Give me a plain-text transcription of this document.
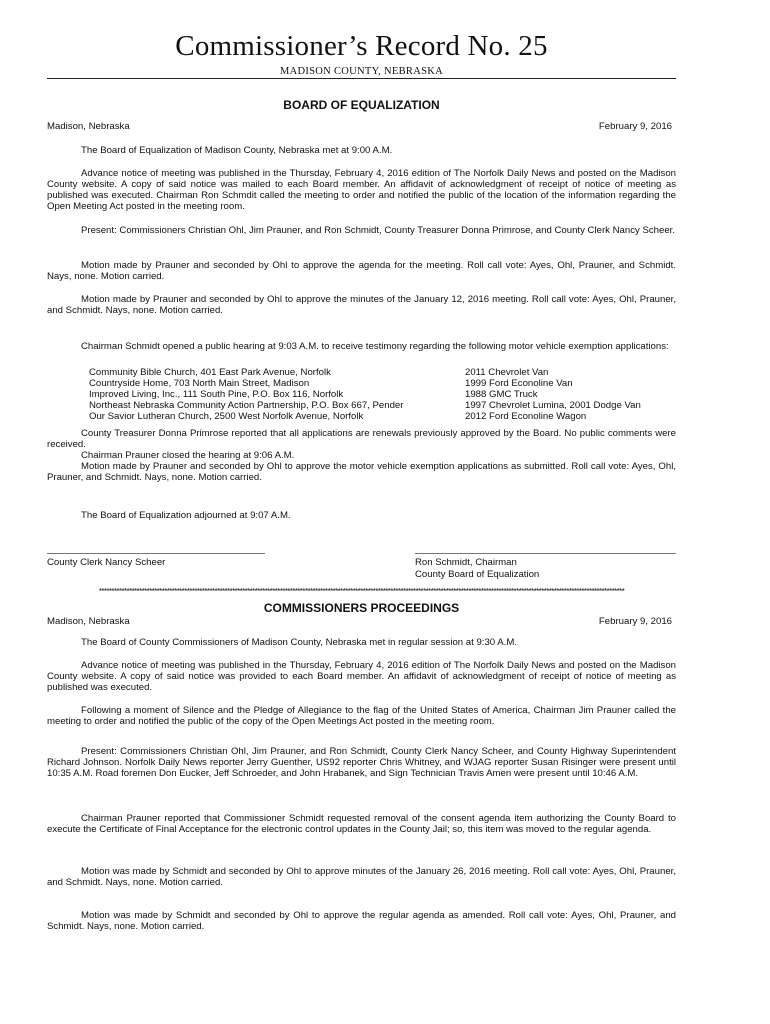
Commissioner’s Record No. 25
MADISON COUNTY, NEBRASKA
BOARD OF EQUALIZATION
Madison, Nebraska	February 9, 2016
The Board of Equalization of Madison County, Nebraska met at 9:00 A.M.
Advance notice of meeting was published in the Thursday, February 4, 2016 edition of The Norfolk Daily News and posted on the Madison County website. A copy of said notice was mailed to each Board member. An affidavit of acknowledgment of receipt of notice of meeting as published was executed. Chairman Ron Schmdit called the meeting to order and notified the public of the location of the information regarding the Open Meeting Act posted in the meeting room.
Present: Commissioners Christian Ohl, Jim Prauner, and Ron Schmidt, County Treasurer Donna Primrose, and County Clerk Nancy Scheer.
Motion made by Prauner and seconded by Ohl to approve the agenda for the meeting. Roll call vote: Ayes, Ohl, Prauner, and Schmidt. Nays, none. Motion carried.
Motion made by Prauner and seconded by Ohl to approve the minutes of the January 12, 2016 meeting. Roll call vote: Ayes, Ohl, Prauner, and Schmidt. Nays, none. Motion carried.
Chairman Schmidt opened a public hearing at 9:03 A.M. to receive testimony regarding the following motor vehicle exemption applications:
Community Bible Church, 401 East Park Avenue, Norfolk	2011 Chevrolet Van
Countryside Home, 703 North Main Street, Madison	1999 Ford Econoline Van
Improved Living, Inc., 111 South Pine, P.O. Box 116, Norfolk	1988 GMC Truck
Northeast Nebraska Community Action Partnership, P.O. Box 667, Pender	1997 Chevrolet Lumina, 2001 Dodge Van
Our Savior Lutheran Church, 2500 West Norfolk Avenue, Norfolk	2012 Ford Econoline Wagon
County Treasurer Donna Primrose reported that all applications are renewals previously approved by the Board. No public comments were received.
Chairman Prauner closed the hearing at 9:06 A.M.
Motion made by Prauner and seconded by Ohl to approve the motor vehicle exemption applications as submitted. Roll call vote: Ayes, Ohl, Prauner, and Schmidt. Nays, none. Motion carried.
The Board of Equalization adjourned at 9:07 A.M.
County Clerk Nancy Scheer	Ron Schmidt, Chairman
County Board of Equalization
*****************************************************************************************************************************************************************************************************************
COMMISSIONERS PROCEEDINGS
Madison, Nebraska	February 9, 2016
The Board of County Commissioners of Madison County, Nebraska met in regular session at 9:30 A.M.
Advance notice of meeting was published in the Thursday, February 4, 2016 edition of The Norfolk Daily News and posted on the Madison County website. A copy of said notice was provided to each Board member. An affidavit of acknowledgment of receipt of notice of meeting as published was executed.
Following a moment of Silence and the Pledge of Allegiance to the flag of the United States of America, Chairman Jim Prauner called the meeting to order and notified the public of the copy of the Open Meetings Act posted in the meeting room.
Present: Commissioners Christian Ohl, Jim Prauner, and Ron Schmidt, County Clerk Nancy Scheer, and County Highway Superintendent Richard Johnson. Norfolk Daily News reporter Jerry Guenther, US92 reporter Chris Whitney, and WJAG reporter Susan Risinger were present until 10:35 A.M. Road foremen Don Eucker, Jeff Schroeder, and John Hrabanek, and Sign Technician Travis Amen were present until 10:46 A.M.
Chairman Prauner reported that Commissioner Schmidt requested removal of the consent agenda item authorizing the County Board to execute the Certificate of Final Acceptance for the electronic control updates in the County Jail; so, this item was moved to the regular agenda.
Motion was made by Schmidt and seconded by Ohl to approve minutes of the January 26, 2016 meeting. Roll call vote: Ayes, Ohl, Prauner, and Schmidt. Nays, none. Motion carried.
Motion was made by Schmidt and seconded by Ohl to approve the regular agenda as amended. Roll call vote: Ayes, Ohl, Prauner, and Schmidt. Nays, none. Motion carried.
